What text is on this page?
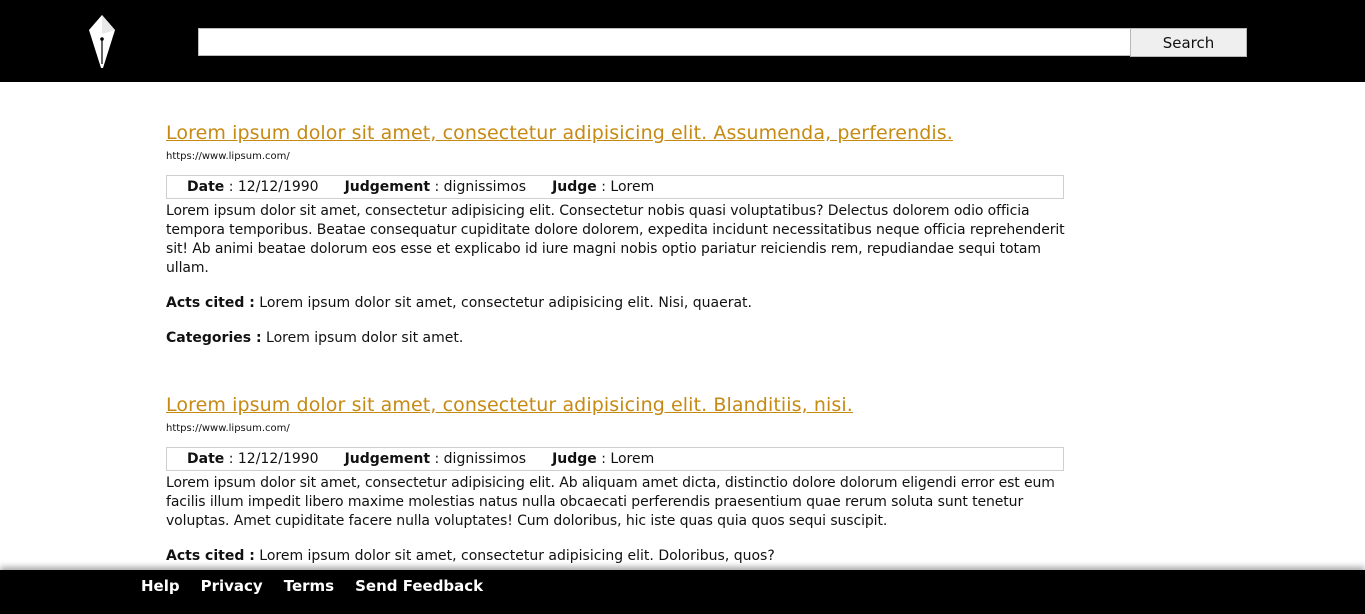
Search
Lorem ipsum dolor sit amet, consectetur adipisicing elit. Assumenda, perferendis.
https://www.lipsum.com/
Date : 12/12/1990 Judgement : dignissimos Judge : Lorem
Lorem ipsum dolor sit amet, consectetur adipisicing elit. Consectetur nobis quasi voluptatibus? Delectus dolorem odio officia tempora temporibus. Beatae consequatur cupiditate dolore dolorem, expedita incidunt necessitatibus neque officia reprehenderit sit! Ab animi beatae dolorum eos esse et explicabo id iure magni nobis optio pariatur reiciendis rem, repudiandae sequi totam ullam.
Acts cited : Lorem ipsum dolor sit amet, consectetur adipisicing elit. Nisi, quaerat.
Categories : Lorem ipsum dolor sit amet.
Lorem ipsum dolor sit amet, consectetur adipisicing elit. Blanditiis, nisi.
https://www.lipsum.com/
Date : 12/12/1990 Judgement : dignissimos Judge : Lorem
Lorem ipsum dolor sit amet, consectetur adipisicing elit. Ab aliquam amet dicta, distinctio dolore dolorum eligendi error est eum facilis illum impedit libero maxime molestias natus nulla obcaecati perferendis praesentium quae rerum soluta sunt tenetur voluptas. Amet cupiditate facere nulla voluptates! Cum doloribus, hic iste quas quia quos sequi suscipit.
Acts cited : Lorem ipsum dolor sit amet, consectetur adipisicing elit. Doloribus, quos?
Help Privacy Terms Send Feedback
